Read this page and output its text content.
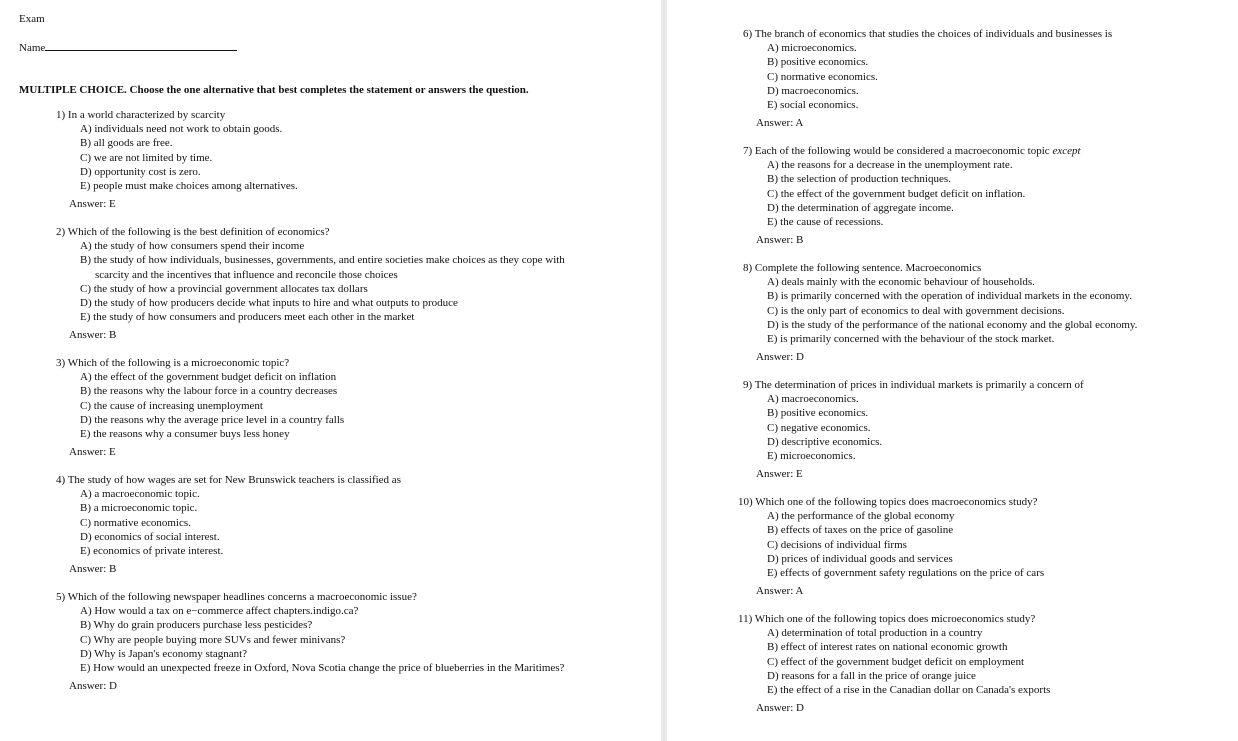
Exam
Name
MULTIPLE CHOICE. Choose the one alternative that best completes the statement or answers the question.

1) In a world characterized by scarcity

A) individuals need not work to obtain goods.

B) all goods are free.

C) we are not limited by time.

D) opportunity cost is zero.

E) people must make choices among alternatives.

Answer: E

2) Which of the following is the best definition of economics?

A) the study of how consumers spend their income

B) the study of how individuals, businesses, governments, and entire societies make choices as they cope with scarcity and the incentives that influence and reconcile those choices

C) the study of how a provincial government allocates tax dollars

D) the study of how producers decide what inputs to hire and what outputs to produce

E) the study of how consumers and producers meet each other in the market

Answer: B

3) Which of the following is a microeconomic topic?

A) the effect of the government budget deficit on inflation

B) the reasons why the labour force in a country decreases

C) the cause of increasing unemployment

D) the reasons why the average price level in a country falls

E) the reasons why a consumer buys less honey

Answer: E

4) The study of how wages are set for New Brunswick teachers is classified as

A) a macroeconomic topic.

B) a microeconomic topic.

C) normative economics.

D) economics of social interest.

E) economics of private interest.

Answer: B

5) Which of the following newspaper headlines concerns a macroeconomic issue?

A) How would a tax on e−commerce affect chapters.indigo.ca?

B) Why do grain producers purchase less pesticides?

C) Why are people buying more SUVs and fewer minivans?

D) Why is Japan's economy stagnant?

E) How would an unexpected freeze in Oxford, Nova Scotia change the price of blueberries in the Maritimes?

Answer: D

6) The branch of economics that studies the choices of individuals and businesses is

A) microeconomics.

B) positive economics.

C) normative economics.

D) macroeconomics.

E) social economics.

Answer: A

7) Each of the following would be considered a macroeconomic topic except

A) the reasons for a decrease in the unemployment rate.

B) the selection of production techniques.

C) the effect of the government budget deficit on inflation.

D) the determination of aggregate income.

E) the cause of recessions.

Answer: B

8) Complete the following sentence. Macroeconomics

A) deals mainly with the economic behaviour of households.

B) is primarily concerned with the operation of individual markets in the economy.

C) is the only part of economics to deal with government decisions.

D) is the study of the performance of the national economy and the global economy.

E) is primarily concerned with the behaviour of the stock market.

Answer: D

9) The determination of prices in individual markets is primarily a concern of

A) macroeconomics.

B) positive economics.

C) negative economics.

D) descriptive economics.

E) microeconomics.

Answer: E

10) Which one of the following topics does macroeconomics study?

A) the performance of the global economy

B) effects of taxes on the price of gasoline

C) decisions of individual firms

D) prices of individual goods and services

E) effects of government safety regulations on the price of cars

Answer: A

11) Which one of the following topics does microeconomics study?

A) determination of total production in a country

B) effect of interest rates on national economic growth

C) effect of the government budget deficit on employment

D) reasons for a fall in the price of orange juice

E) the effect of a rise in the Canadian dollar on Canada's exports

Answer: D
